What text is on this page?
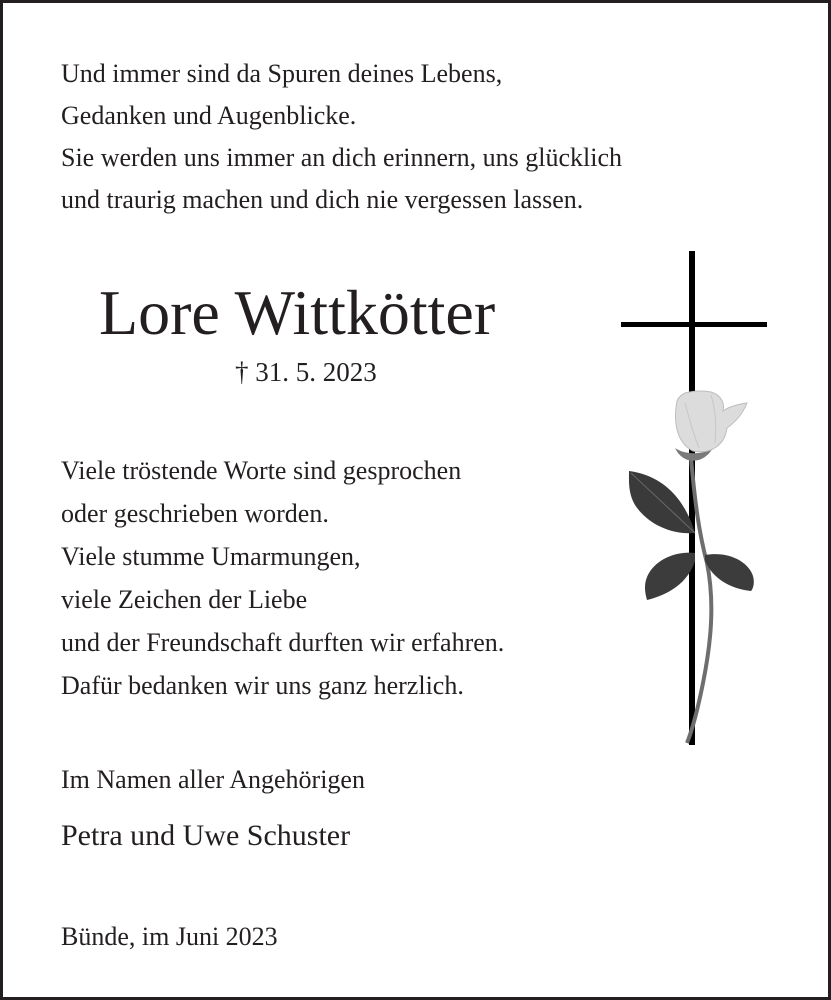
Und immer sind da Spuren deines Lebens,
Gedanken und Augenblicke.
Sie werden uns immer an dich erinnern, uns glücklich
und traurig machen und dich nie vergessen lassen.
Lore Wittkötter
† 31. 5. 2023
Viele tröstende Worte sind gesprochen
oder geschrieben worden.
Viele stumme Umarmungen,
viele Zeichen der Liebe
und der Freundschaft durften wir erfahren.
Dafür bedanken wir uns ganz herzlich.
Im Namen aller Angehörigen
Petra und Uwe Schuster
Bünde, im Juni 2023
